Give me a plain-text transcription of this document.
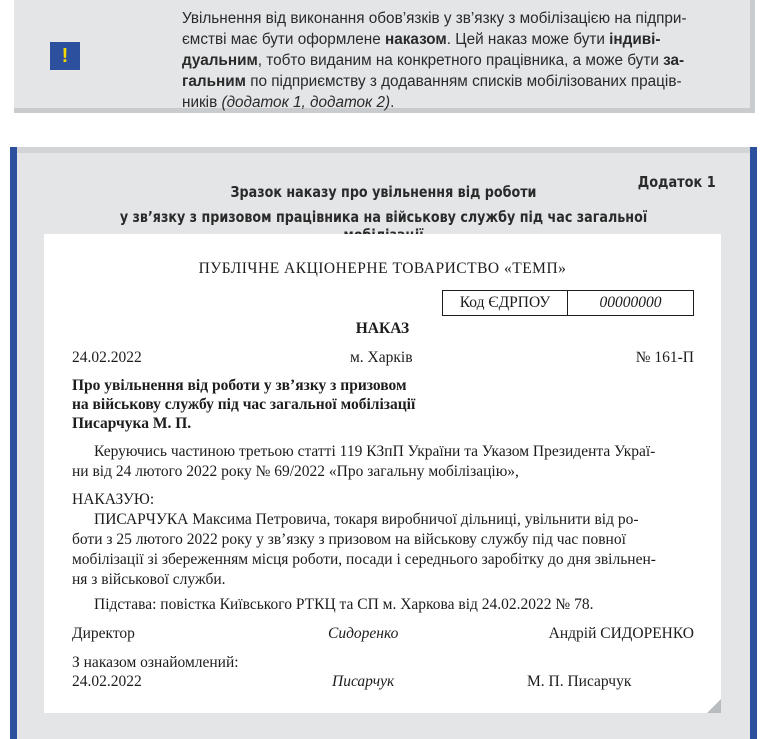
!
Увільнення від виконання обов’язків у зв’язку з мобілізацією на підпри-
ємстві має бути оформлене наказом. Цей наказ може бути індиві-
дуальним, тобто виданим на конкретного працівника, а може бути за-
гальним по підприємству з додаванням списків мобілізованих праців-
ників (додаток 1, додаток 2).
Додаток 1
Зразок наказу про увільнення від роботи
у зв’язку з призовом працівника на військову службу під час загальної
ПУБЛІЧНЕ АКЦІОНЕРНЕ ТОВАРИСТВО «ТЕМП»
Код ЄДРПОУ	00000000
НАКАЗ
24.02.2022	м. Харків	№ 161-П
Про увільнення від роботи у зв’язку з призовом
на військову службу під час загальної мобілізації
Писарчука М. П.
Керуючись частиною третьою статті 119 КЗпП України та Указом Президента Украї-
ни від 24 лютого 2022 року № 69/2022 «Про загальну мобілізацію»,
НАКАЗУЮ:
ПИСАРЧУКА Максима Петровича, токаря виробничої дільниці, увільнити від ро-
боти з 25 лютого 2022 року у зв’язку з призовом на військову службу під час повної
мобілізації зі збереженням місця роботи, посади і середнього заробітку до дня звільнен-
ня з військової служби.
Підстава: повістка Київського РТКЦ та СП м. Харкова від 24.02.2022 № 78.
Директор	Сидоренко	Андрій СИДОРЕНКО
З наказом ознайомлений:
24.02.2022	Писарчук	М. П. Писарчук
